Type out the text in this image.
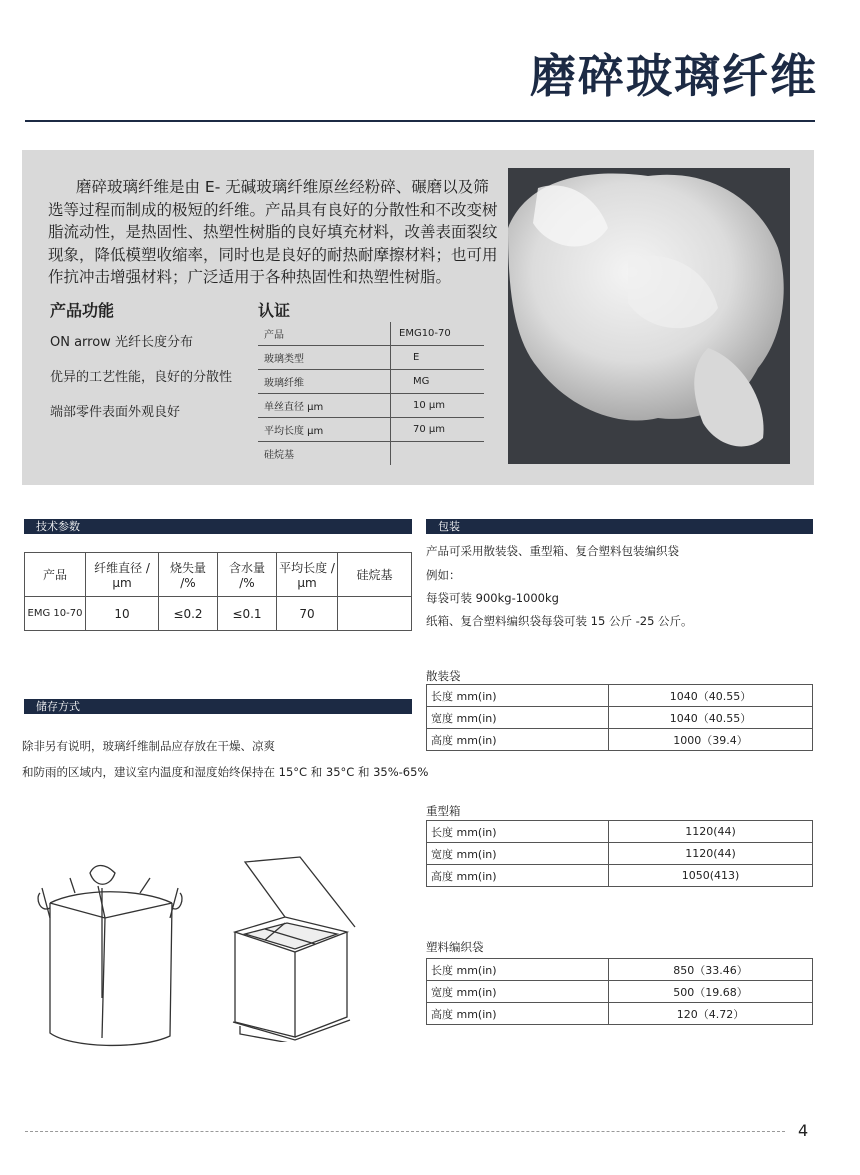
磨碎玻璃纤维
磨碎玻璃纤维是由 E- 无碱玻璃纤维原丝经粉碎、碾磨以及筛选等过程而制成的极短的纤维。产品具有良好的分散性和不改变树脂流动性，是热固性、热塑性树脂的良好填充材料，改善表面裂纹现象，降低模塑收缩率，同时也是良好的耐热耐摩擦材料；也可用作抗冲击增强材料；广泛适用于各种热固性和热塑性树脂。
产品功能
ON arrow 光纤长度分布
优异的工艺性能，良好的分散性
端部零件表面外观良好
认证
产品	EMG10-70
玻璃类型	E
玻璃纤维	MG
单丝直径 μm	10 μm
平均长度 μm	70 μm
硅烷基	
技术参数
产品	纤维直径 /μm	烧失量 /%	含水量 /%	平均长度 /μm	硅烷基
EMG 10-70	10	≤0.2	≤0.1	70	
储存方式
除非另有说明，玻璃纤维制品应存放在干燥、凉爽
和防雨的区域内，建议室内温度和湿度始终保持在 15°C 和 35°C 和 35%-65%
包装
产品可采用散装袋、重型箱、复合塑料包装编织袋
例如：
每袋可装 900kg-1000kg
纸箱、复合塑料编织袋每袋可装 15 公斤 -25 公斤。
散装袋
长度 mm(in)	1040（40.55）
宽度 mm(in)	1040（40.55）
高度 mm(in)	1000（39.4）
重型箱
长度 mm(in)	1120(44)
宽度 mm(in)	1120(44)
高度 mm(in)	1050(413)
塑料编织袋
长度 mm(in)	850（33.46）
宽度 mm(in)	500（19.68）
高度 mm(in)	120（4.72）
4
